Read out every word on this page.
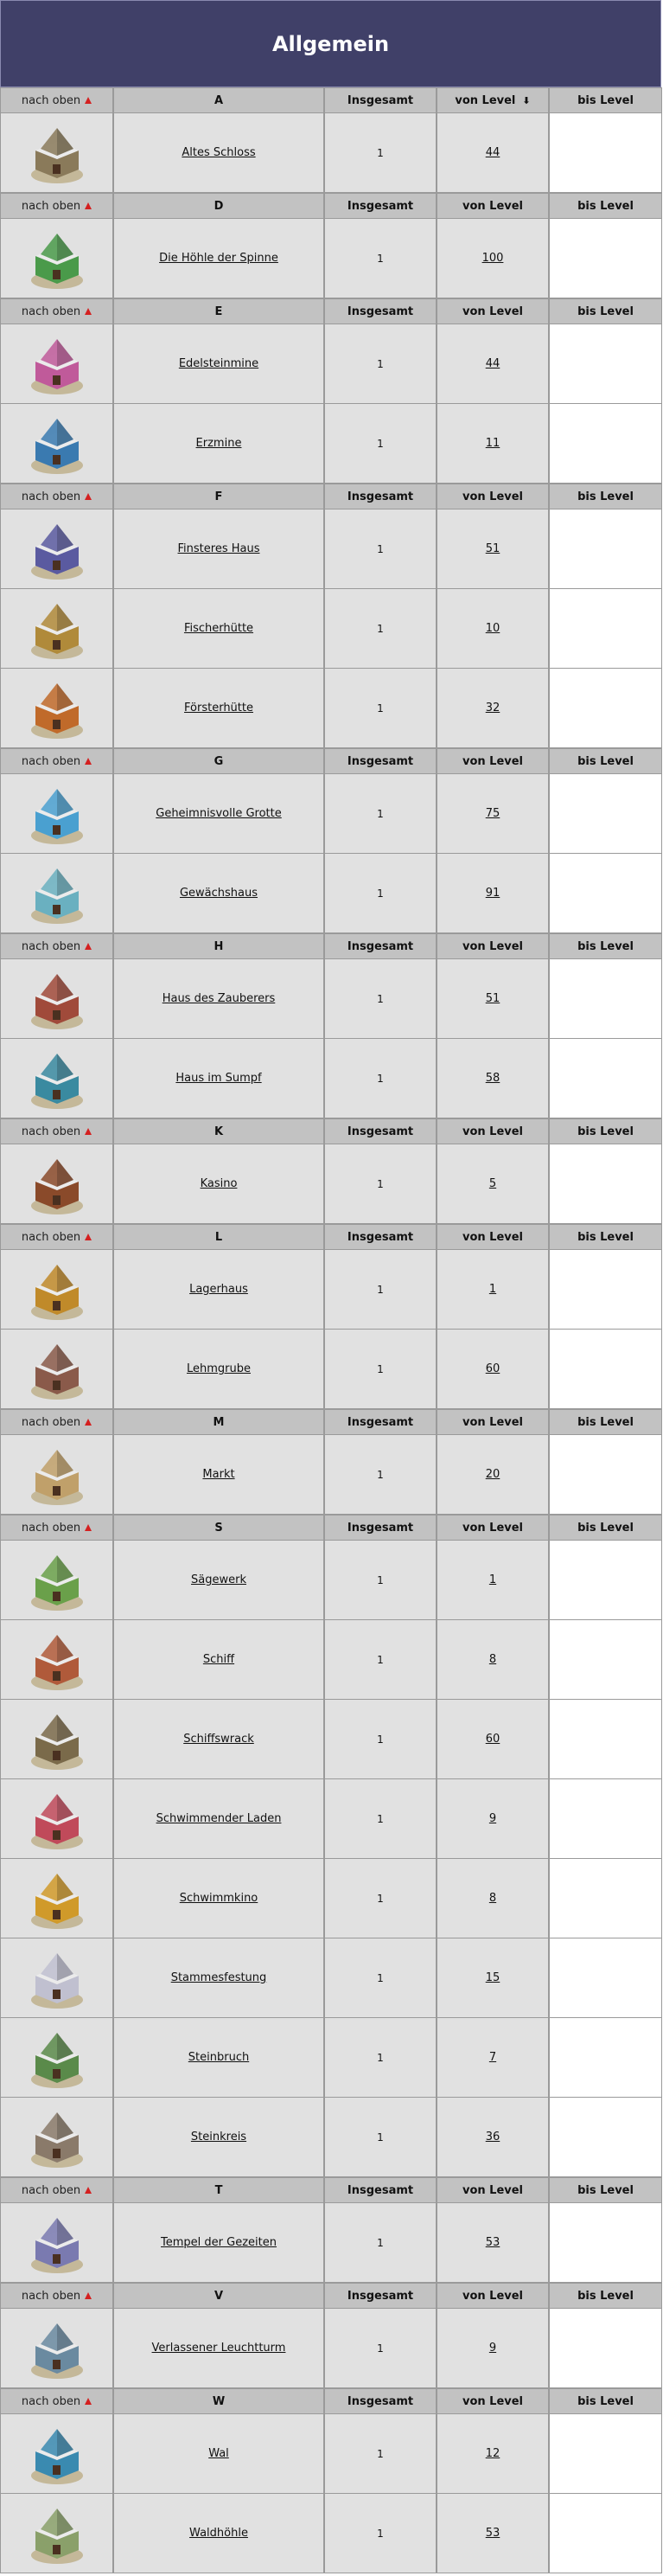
Allgemein
nach oben	A	Insgesamt	von Level ⬇	bis Level
Altes Schloss	1	44
nach oben	D	Insgesamt	von Level	bis Level
Die Höhle der Spinne	1	100
nach oben	E	Insgesamt	von Level	bis Level
Edelsteinmine	1	44
Erzmine	1	11
nach oben	F	Insgesamt	von Level	bis Level
Finsteres Haus	1	51
Fischerhütte	1	10
Försterhütte	1	32
nach oben	G	Insgesamt	von Level	bis Level
Geheimnisvolle Grotte	1	75
Gewächshaus	1	91
nach oben	H	Insgesamt	von Level	bis Level
Haus des Zauberers	1	51
Haus im Sumpf	1	58
nach oben	K	Insgesamt	von Level	bis Level
Kasino	1	5
nach oben	L	Insgesamt	von Level	bis Level
Lagerhaus	1	1
Lehmgrube	1	60
nach oben	M	Insgesamt	von Level	bis Level
Markt	1	20
nach oben	S	Insgesamt	von Level	bis Level
Sägewerk	1	1
Schiff	1	8
Schiffswrack	1	60
Schwimmender Laden	1	9
Schwimmkino	1	8
Stammesfestung	1	15
Steinbruch	1	7
Steinkreis	1	36
nach oben	T	Insgesamt	von Level	bis Level
Tempel der Gezeiten	1	53
nach oben	V	Insgesamt	von Level	bis Level
Verlassener Leuchtturm	1	9
nach oben	W	Insgesamt	von Level	bis Level
Wal	1	12
Waldhöhle	1	53
